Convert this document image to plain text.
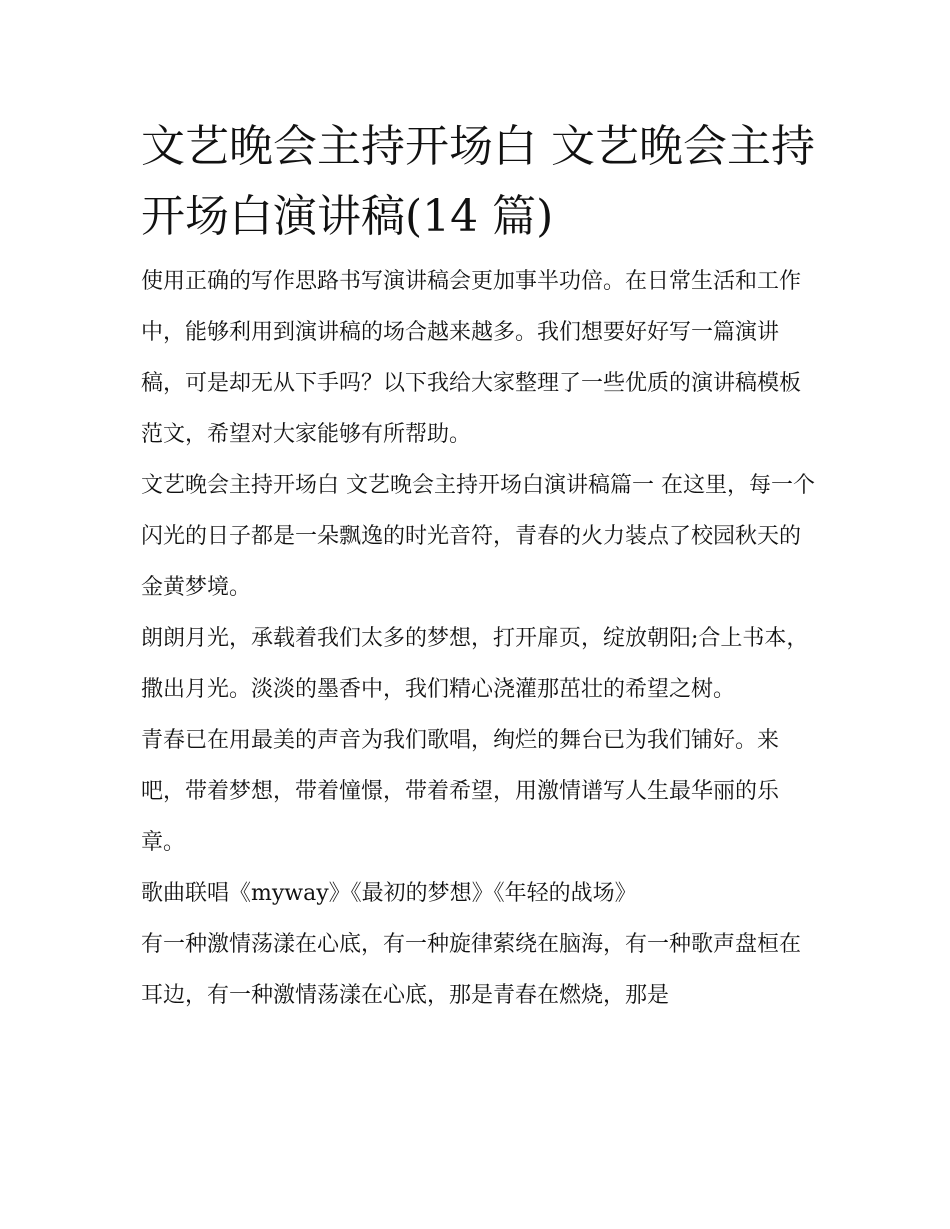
文艺晚会主持开场白 文艺晚会主持开场白演讲稿(14 篇)

使用正确的写作思路书写演讲稿会更加事半功倍。在日常生活和工作中，能够利用到演讲稿的场合越来越多。我们想要好好写一篇演讲稿，可是却无从下手吗？以下我给大家整理了一些优质的演讲稿模板范文，希望对大家能够有所帮助。

文艺晚会主持开场白 文艺晚会主持开场白演讲稿篇一 在这里，每一个闪光的日子都是一朵飘逸的时光音符，青春的火力装点了校园秋天的金黄梦境。

朗朗月光，承载着我们太多的梦想，打开扉页，绽放朝阳;合上书本，撒出月光。淡淡的墨香中，我们精心浇灌那茁壮的希望之树。

青春已在用最美的声音为我们歌唱，绚烂的舞台已为我们铺好。来吧，带着梦想，带着憧憬，带着希望，用激情谱写人生最华丽的乐章。

歌曲联唱《myway》《最初的梦想》《年轻的战场》

有一种激情荡漾在心底，有一种旋律萦绕在脑海，有一种歌声盘桓在耳边，有一种激情荡漾在心底，那是青春在燃烧，那是
